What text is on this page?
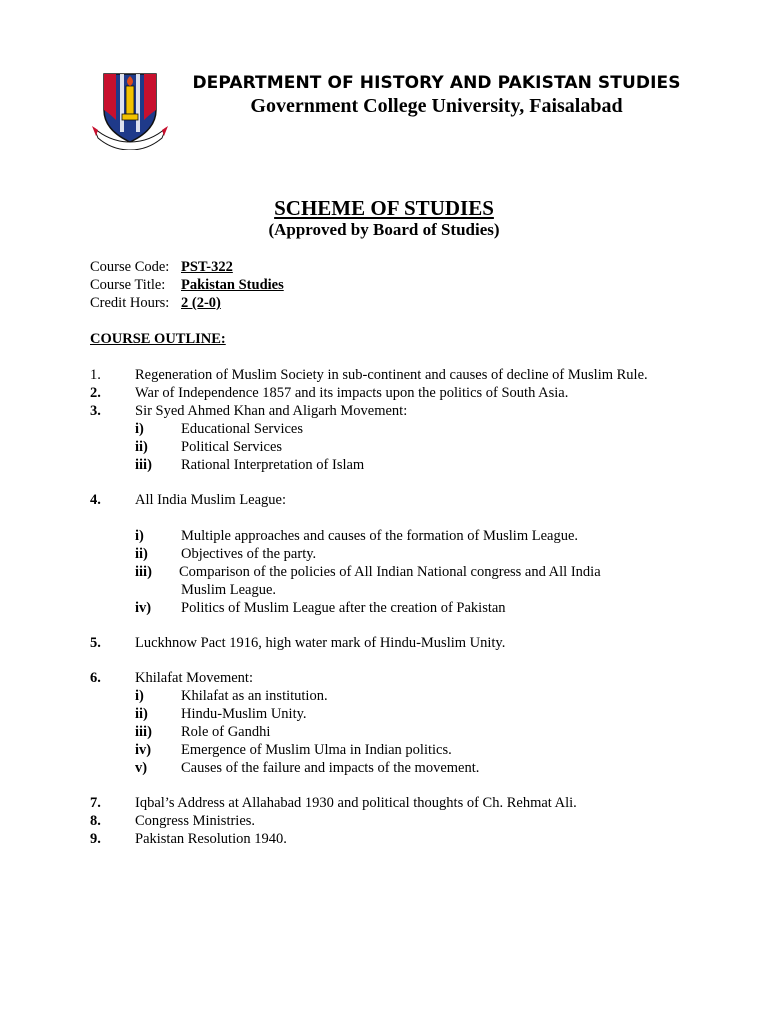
DEPARTMENT OF HISTORY AND PAKISTAN STUDIES
Government College University, Faisalabad
SCHEME OF STUDIES
(Approved by Board of Studies)
Course Code: PST-322
Course Title: Pakistan Studies
Credit Hours: 2 (2-0)
COURSE OUTLINE:
1. Regeneration of Muslim Society in sub-continent and causes of decline of Muslim Rule.
2. War of Independence 1857 and its impacts upon the politics of South Asia.
3. Sir Syed Ahmed Khan and Aligarh Movement:
i)	Educational Services
ii) Political Services
iii) Rational Interpretation of Islam
4. All India Muslim League:
i)	Multiple approaches and causes of the formation of Muslim League.
ii) Objectives of the party.
iii) Comparison of the policies of All Indian National congress and All India
Muslim League.
iv) Politics of Muslim League after the creation of Pakistan
5. Luckhnow Pact 1916, high water mark of Hindu-Muslim Unity.
6. Khilafat Movement:
i)	Khilafat as an institution.
ii) Hindu-Muslim Unity.
iii) Role of Gandhi
iv) Emergence of Muslim Ulma in Indian politics.
v) Causes of the failure and impacts of the movement.
7. Iqbal’s Address at Allahabad 1930 and political thoughts of Ch. Rehmat Ali.
8. Congress Ministries.
9. Pakistan Resolution 1940.
